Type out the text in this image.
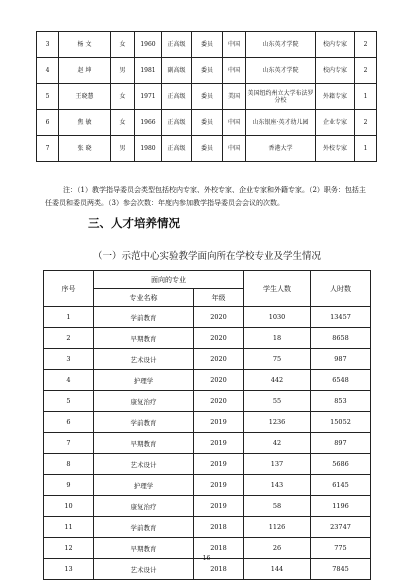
3	杨 文	女	1960	正高级	委员	中国	山东英才学院	校内专家	2
4	赵 坤	男	1981	副高级	委员	中国	山东英才学院	校内专家	2
5	王晓慧	女	1971	正高级	委员	美国	美国纽约州立大学布法罗分校	外籍专家	1
6	焦 敏	女	1966	正高级	委员	中国	山东银座·英才幼儿园	企业专家	2
7	张 晓	男	1980	正高级	委员	中国	香港大学	外校专家	1
注：（1）教学指导委员会类型包括校内专家、外校专家、企业专家和外籍专家。（2）职务：包括主任委员和委员两类。（3）参会次数：年度内参加教学指导委员会会议的次数。
三、人才培养情况
（一）示范中心实验教学面向所在学校专业及学生情况
序号	面向的专业		学生人数	人时数
	专业名称	年级		
1	学前教育	2020	1030	13457
2	早期教育	2020	18	8658
3	艺术设计	2020	75	987
4	护理学	2020	442	6548
5	康复治疗	2020	55	853
6	学前教育	2019	1236	15052
7	早期教育	2019	42	897
8	艺术设计	2019	137	5686
9	护理学	2019	143	6145
10	康复治疗	2019	58	1196
11	学前教育	2018	1126	23747
12	早期教育	2018	26	775
13	艺术设计	2018	144	7845
16
